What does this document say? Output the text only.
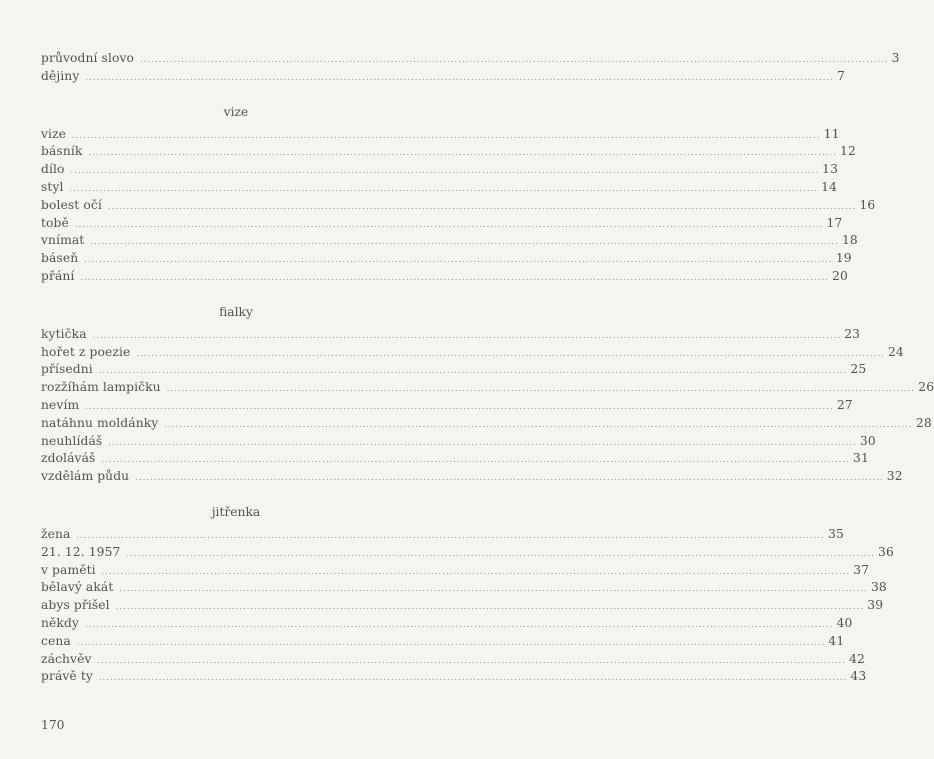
průvodní slovo ........................................................................................................................................................................................................ 3
dějiny ........................................................................................................................................................................................................ 7
vize
vize ........................................................................................................................................................................................................ 11
básník ........................................................................................................................................................................................................ 12
dílo ........................................................................................................................................................................................................ 13
styl ........................................................................................................................................................................................................ 14
bolest očí ........................................................................................................................................................................................................ 16
tobě ........................................................................................................................................................................................................ 17
vnímat ........................................................................................................................................................................................................ 18
báseň ........................................................................................................................................................................................................ 19
přání ........................................................................................................................................................................................................ 20
fialky
kytička ........................................................................................................................................................................................................ 23
hořet z poezie ........................................................................................................................................................................................................ 24
přísedni ........................................................................................................................................................................................................ 25
rozžíhám lampičku ........................................................................................................................................................................................................ 26
nevím ........................................................................................................................................................................................................ 27
natáhnu moldánky ........................................................................................................................................................................................................ 28
neuhlídáš ........................................................................................................................................................................................................ 30
zdoláváš ........................................................................................................................................................................................................ 31
vzdělám půdu ........................................................................................................................................................................................................ 32
jitřenka
žena ........................................................................................................................................................................................................ 35
21. 12. 1957 ........................................................................................................................................................................................................ 36
v paměti ........................................................................................................................................................................................................ 37
bělavý akát ........................................................................................................................................................................................................ 38
abys přišel ........................................................................................................................................................................................................ 39
někdy ........................................................................................................................................................................................................ 40
cena ........................................................................................................................................................................................................ 41
záchvěv ........................................................................................................................................................................................................ 42
právě ty ........................................................................................................................................................................................................ 43
170
